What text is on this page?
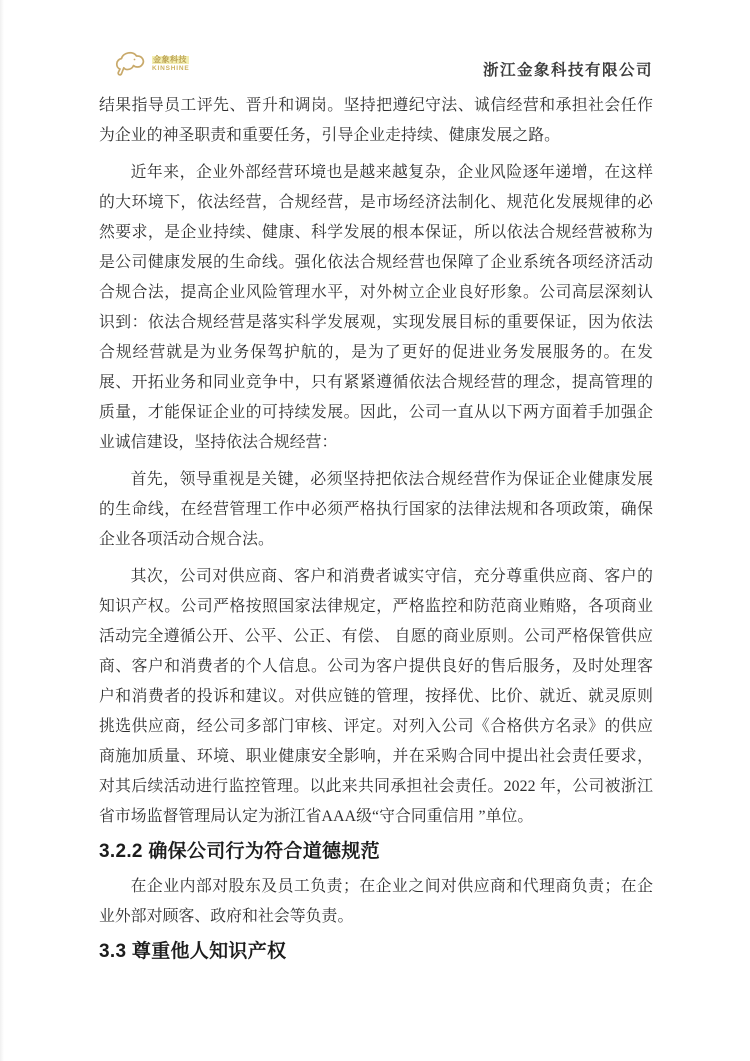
金象科技
KINSHINE	浙江金象科技有限公司

结果指导员工评先、晋升和调岗。坚持把遵纪守法、诚信经营和承担社会任作为企业的神圣职责和重要任务，引导企业走持续、健康发展之路。

近年来，企业外部经营环境也是越来越复杂，企业风险逐年递增，在这样的大环境下，依法经营，合规经营，是市场经济法制化、规范化发展规律的必然要求，是企业持续、健康、科学发展的根本保证，所以依法合规经营被称为是公司健康发展的生命线。强化依法合规经营也保障了企业系统各项经济活动合规合法，提高企业风险管理水平，对外树立企业良好形象。公司高层深刻认识到：依法合规经营是落实科学发展观，实现发展目标的重要保证，因为依法合规经营就是为业务保驾护航的，是为了更好的促进业务发展服务的。在发展、开拓业务和同业竞争中，只有紧紧遵循依法合规经营的理念，提高管理的质量，才能保证企业的可持续发展。因此，公司一直从以下两方面着手加强企业诚信建设，坚持依法合规经营：

首先，领导重视是关键，必须坚持把依法合规经营作为保证企业健康发展的生命线，在经营管理工作中必须严格执行国家的法律法规和各项政策，确保企业各项活动合规合法。

其次，公司对供应商、客户和消费者诚实守信，充分尊重供应商、客户的知识产权。公司严格按照国家法律规定，严格监控和防范商业贿赂，各项商业活动完全遵循公开、公平、公正、有偿、 自愿的商业原则。公司严格保管供应商、客户和消费者的个人信息。公司为客户提供良好的售后服务，及时处理客户和消费者的投诉和建议。对供应链的管理，按择优、比价、就近、就灵原则挑选供应商，经公司多部门审核、评定。对列入公司《合格供方名录》的供应商施加质量、环境、职业健康安全影响，并在采购合同中提出社会责任要求，对其后续活动进行监控管理。以此来共同承担社会责任。2022 年，公司被浙江省市场监督管理局认定为浙江省AAA级“守合同重信用 ”单位。

3.2.2 确保公司行为符合道德规范

在企业内部对股东及员工负责；在企业之间对供应商和代理商负责；在企业外部对顾客、政府和社会等负责。

3.3 尊重他人知识产权
